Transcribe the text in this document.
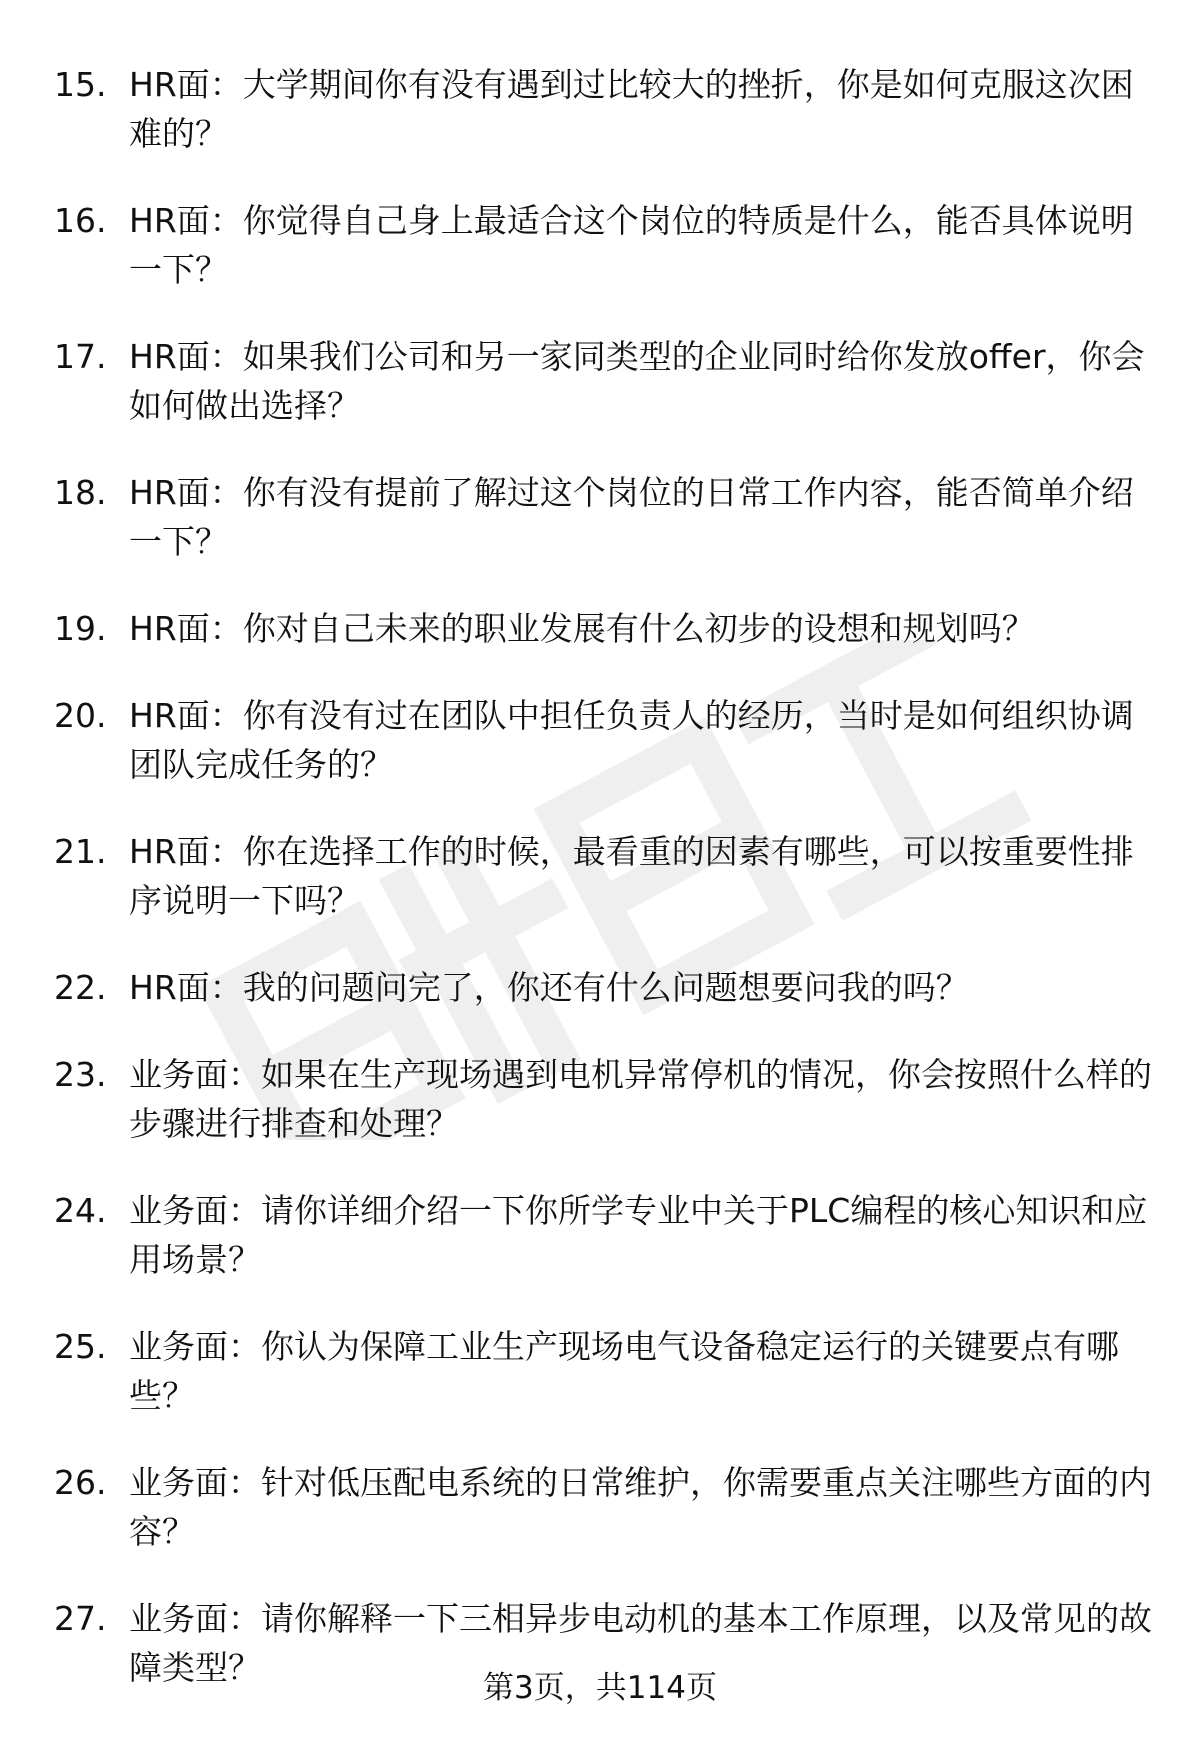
15. HR面：大学期间你有没有遇到过比较大的挫折，你是如何克服这次困难的？
16. HR面：你觉得自己身上最适合这个岗位的特质是什么，能否具体说明一下？
17. HR面：如果我们公司和另一家同类型的企业同时给你发放offer，你会如何做出选择？
18. HR面：你有没有提前了解过这个岗位的日常工作内容，能否简单介绍一下？
19. HR面：你对自己未来的职业发展有什么初步的设想和规划吗？
20. HR面：你有没有过在团队中担任负责人的经历，当时是如何组织协调团队完成任务的？
21. HR面：你在选择工作的时候，最看重的因素有哪些，可以按重要性排序说明一下吗？
22. HR面：我的问题问完了，你还有什么问题想要问我的吗？
23. 业务面：如果在生产现场遇到电机异常停机的情况，你会按照什么样的步骤进行排查和处理？
24. 业务面：请你详细介绍一下你所学专业中关于PLC编程的核心知识和应用场景？
25. 业务面：你认为保障工业生产现场电气设备稳定运行的关键要点有哪些？
26. 业务面：针对低压配电系统的日常维护，你需要重点关注哪些方面的内容？
27. 业务面：请你解释一下三相异步电动机的基本工作原理，以及常见的故障类型？
第3页，共114页
